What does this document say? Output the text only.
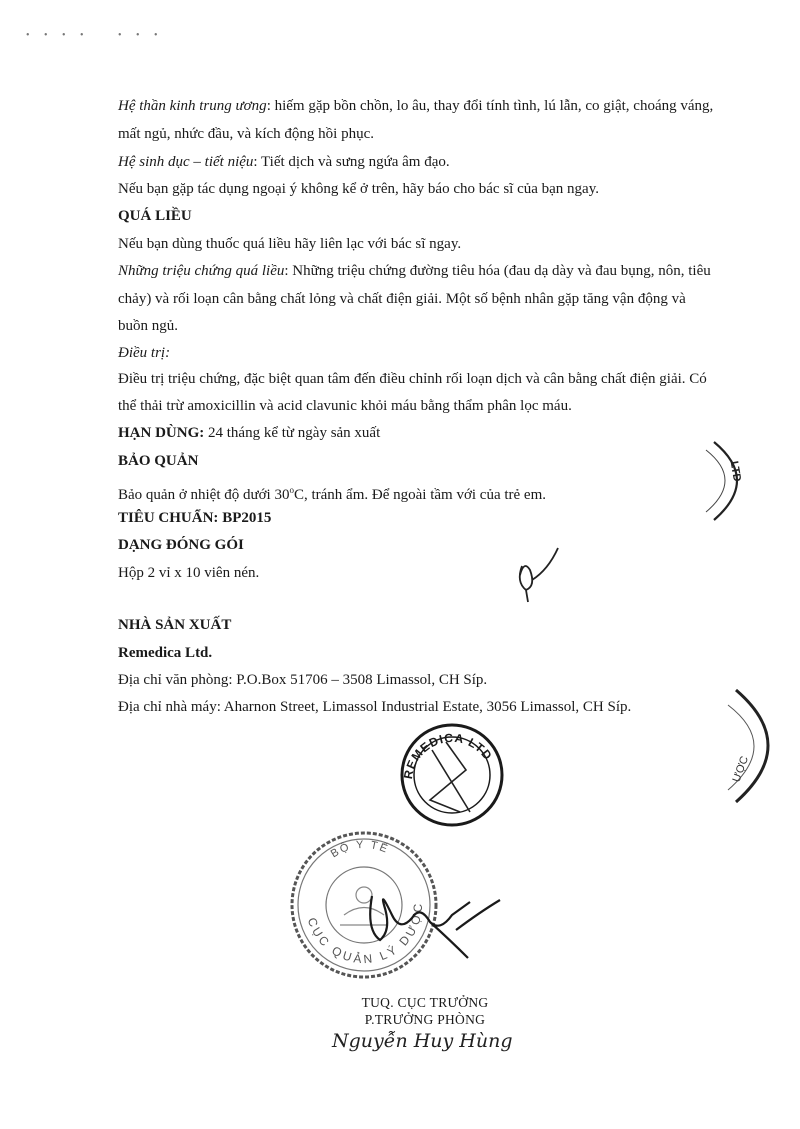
• • • •	• • •
Hệ thần kinh trung ương: hiếm gặp bồn chồn, lo âu, thay đổi tính tình, lú lẫn, co giật, choáng váng,
mất ngủ, nhức đầu, và kích động hồi phục.
Hệ sinh dục – tiết niệu: Tiết dịch và sưng ngứa âm đạo.
Nếu bạn gặp tác dụng ngoại ý không kể ở trên, hãy báo cho bác sĩ của bạn ngay.
QUÁ LIỀU
Nếu bạn dùng thuốc quá liều hãy liên lạc với bác sĩ ngay.
Những triệu chứng quá liều: Những triệu chứng đường tiêu hóa (đau dạ dày và đau bụng, nôn, tiêu
chảy) và rối loạn cân bằng chất lỏng và chất điện giải. Một số bệnh nhân gặp tăng vận động và
buồn ngủ.
Điều trị:
Điều trị triệu chứng, đặc biệt quan tâm đến điều chỉnh rối loạn dịch và cân bằng chất điện giải. Có
thể thải trừ amoxicillin và acid clavunic khỏi máu bằng thẩm phân lọc máu.
HẠN DÙNG: 24 tháng kể từ ngày sản xuất
BẢO QUẢN
Bảo quản ở nhiệt độ dưới 30$^o$C, tránh ẩm. Để ngoài tầm với của trẻ em.
TIÊU CHUẨN: BP2015
DẠNG ĐÓNG GÓI
Hộp 2 vỉ x 10 viên nén.
NHÀ SẢN XUẤT
Remedica Ltd.
Địa chỉ văn phòng: P.O.Box 51706 – 3508 Limassol, CH Síp.
Địa chỉ nhà máy: Aharnon Street, Limassol Industrial Estate, 3056 Limassol, CH Síp.
LTD
ƯỢC
REMEDICA LTD
BỘ Y TẾ
CỤC QUẢN LÝ DƯỢC
TUQ. CỤC TRƯỞNG
P.TRƯỞNG PHÒNG
Nguyễn Huy Hùng
